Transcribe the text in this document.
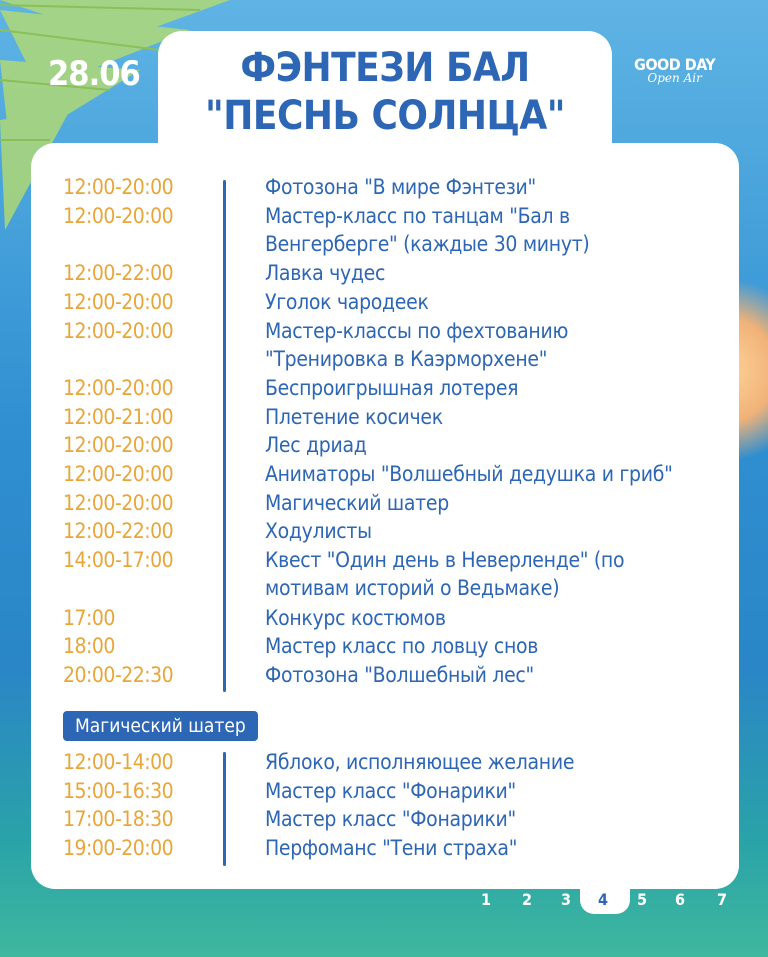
28.06	ФЭНТЕЗИ БАЛ
"ПЕСНЬ СОЛНЦА"
GOOD DAY
Open Air
12:00-20:00	Фотозона "В мире Фэнтези"
12:00-20:00	Мастер-класс по танцам "Бал в
Венгерберге" (каждые 30 минут)
12:00-22:00	Лавка чудес
12:00-20:00	Уголок чародеек
12:00-20:00	Мастер-классы по фехтованию
"Тренировка в Каэрморхене"
12:00-20:00	Беспроигрышная лотерея
12:00-21:00	Плетение косичек
12:00-20:00	Лес дриад
12:00-20:00	Аниматоры "Волшебный дедушка и гриб"
12:00-20:00	Магический шатер
12:00-22:00	Ходулисты
14:00-17:00	Квест "Один день в Неверленде" (по
мотивам историй о Ведьмаке)
17:00	Конкурс костюмов
18:00	Мастер класс по ловцу снов
20:00-22:30	Фотозона "Волшебный лес"
Магический шатер
12:00-14:00	Яблоко, исполняющее желание
15:00-16:30	Мастер класс "Фонарики"
17:00-18:30	Мастер класс "Фонарики"
19:00-20:00	Перфоманс "Тени страха"
1	2	3	4	5	6	7
